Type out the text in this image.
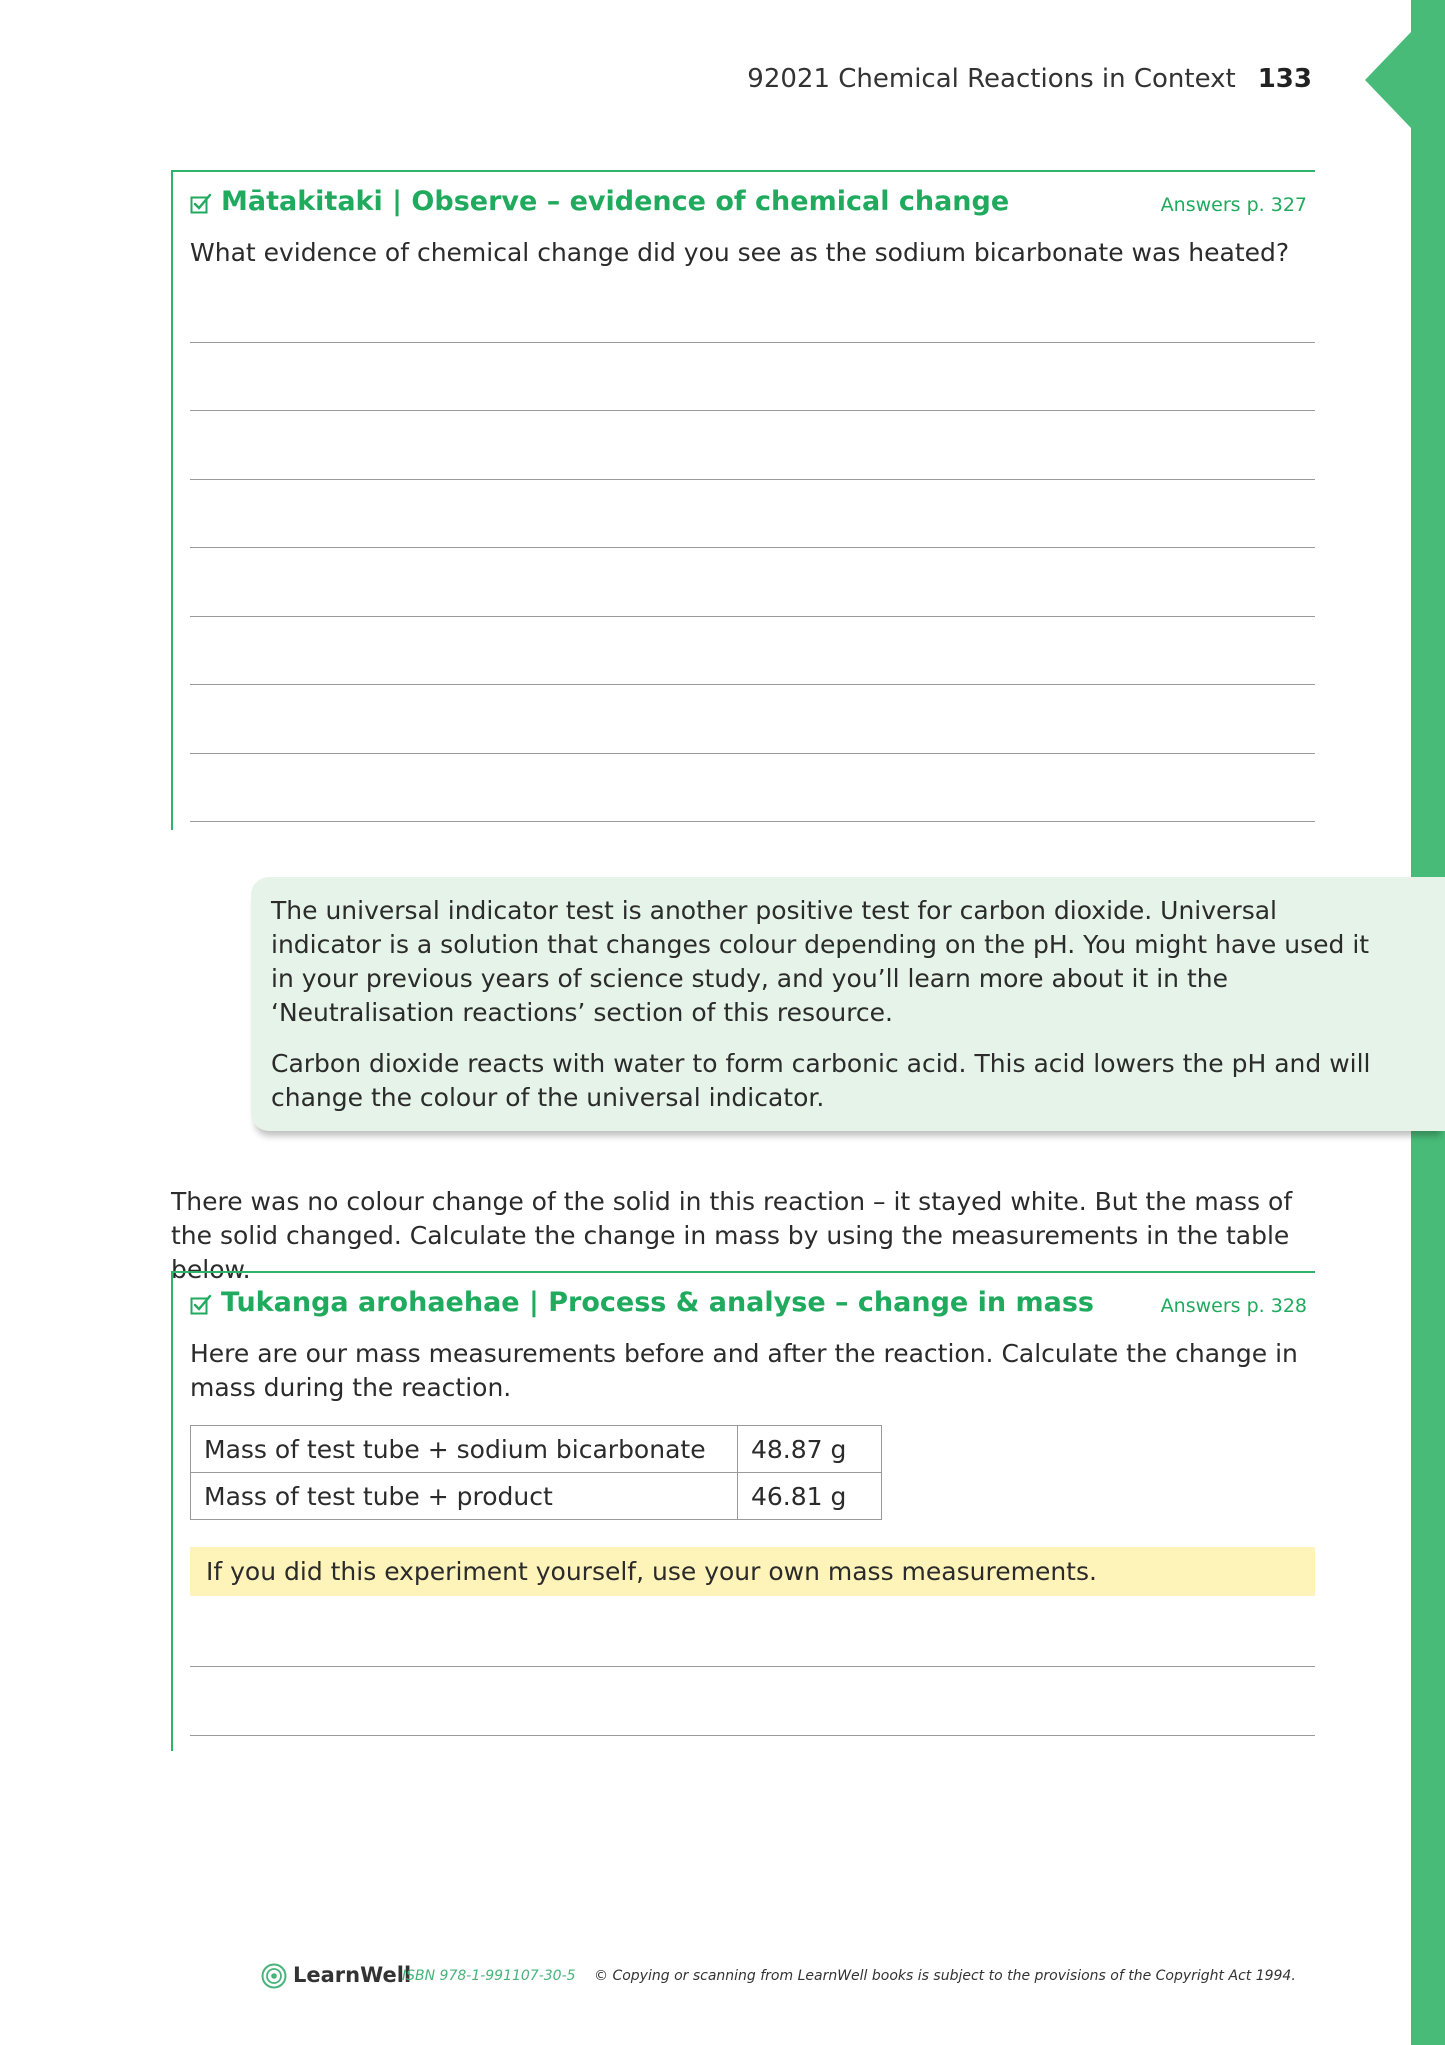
92021 Chemical Reactions in Context 133
Mātakitaki | Observe – evidence of chemical change	Answers p. 327

What evidence of chemical change did you see as the sodium bicarbonate was heated?

The universal indicator test is another positive test for carbon dioxide. Universal indicator is a solution that changes colour depending on the pH. You might have used it in your previous years of science study, and you’ll learn more about it in the ‘Neutralisation reactions’ section of this resource.

Carbon dioxide reacts with water to form carbonic acid. This acid lowers the pH and will change the colour of the universal indicator.

There was no colour change of the solid in this reaction – it stayed white. But the mass of the solid changed. Calculate the change in mass by using the measurements in the table below.

Tukanga arohaehae | Process & analyse – change in mass	Answers p. 328

Here are our mass measurements before and after the reaction. Calculate the change in mass during the reaction.

Mass of test tube + sodium bicarbonate	48.87 g
Mass of test tube + product	46.81 g
If you did this experiment yourself, use your own mass measurements.
LearnWell
ISBN 978-1-991107-30-5 © Copying or scanning from LearnWell books is subject to the provisions of the Copyright Act 1994.
